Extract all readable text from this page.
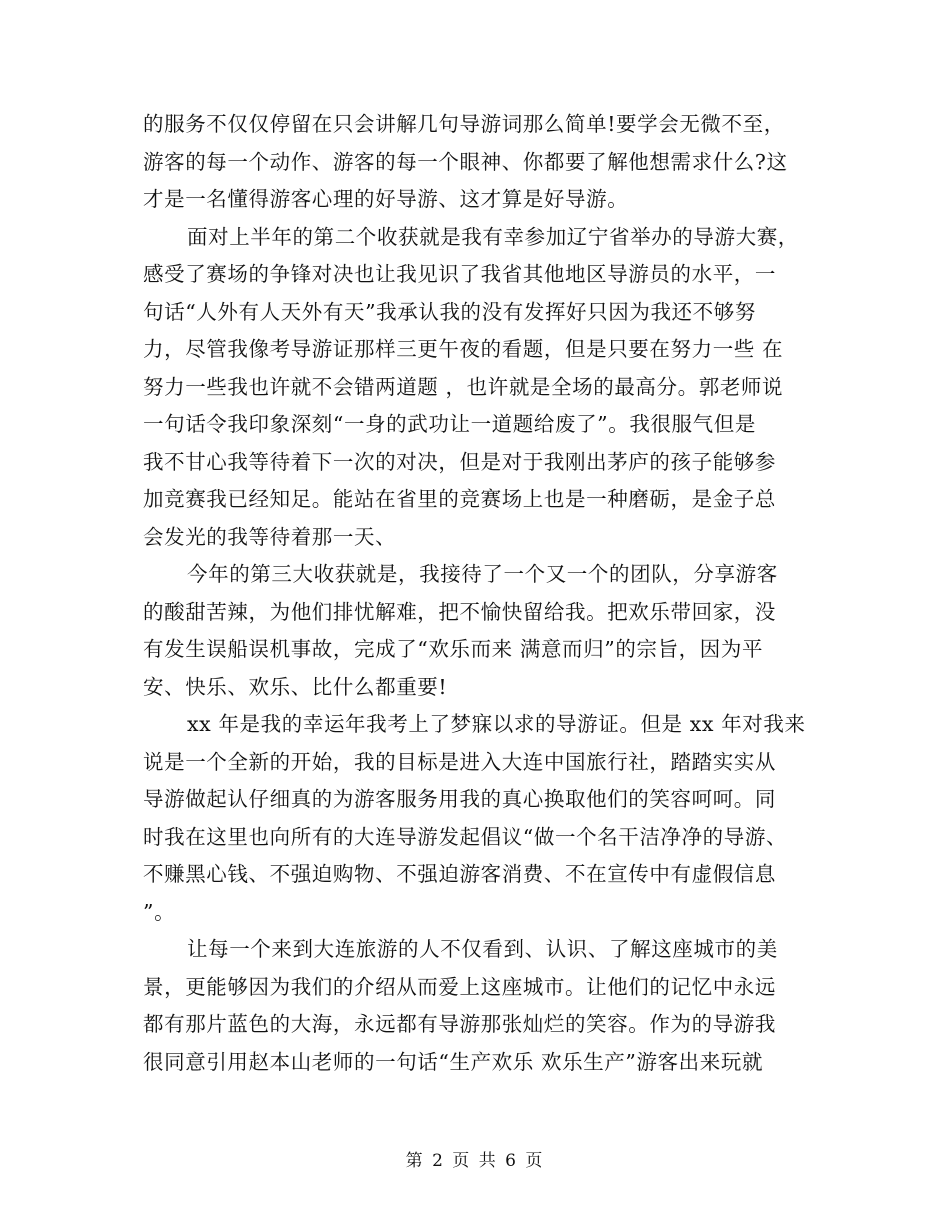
的服务不仅仅停留在只会讲解几句导游词那么简单!要学会无微不至，
游客的每一个动作、游客的每一个眼神、你都要了解他想需求什么?这
才是一名懂得游客心理的好导游、这才算是好导游。
面对上半年的第二个收获就是我有幸参加辽宁省举办的导游大赛，
感受了赛场的争锋对决也让我见识了我省其他地区导游员的水平，一
句话“人外有人天外有天”我承认我的没有发挥好只因为我还不够努
力，尽管我像考导游证那样三更午夜的看题，但是只要在努力一些 在
努力一些我也许就不会错两道题 ，也许就是全场的最高分。郭老师说
一句话令我印象深刻“一身的武功让一道题给废了”。我很服气但是
我不甘心我等待着下一次的对决，但是对于我刚出茅庐的孩子能够参
加竞赛我已经知足。能站在省里的竞赛场上也是一种磨砺，是金子总
会发光的我等待着那一天、
今年的第三大收获就是，我接待了一个又一个的团队，分享游客
的酸甜苦辣，为他们排忧解难，把不愉快留给我。把欢乐带回家，没
有发生误船误机事故，完成了“欢乐而来 满意而归”的宗旨，因为平
安、快乐、欢乐、比什么都重要!
xx 年是我的幸运年我考上了梦寐以求的导游证。但是 xx 年对我来
说是一个全新的开始，我的目标是进入大连中国旅行社，踏踏实实从
导游做起认仔细真的为游客服务用我的真心换取他们的笑容呵呵。同
时我在这里也向所有的大连导游发起倡议“做一个名干洁净净的导游、
不赚黑心钱、不强迫购物、不强迫游客消费、不在宣传中有虚假信息
”。
让每一个来到大连旅游的人不仅看到、认识、了解这座城市的美
景，更能够因为我们的介绍从而爱上这座城市。让他们的记忆中永远
都有那片蓝色的大海，永远都有导游那张灿烂的笑容。作为的导游我
很同意引用赵本山老师的一句话“生产欢乐 欢乐生产”游客出来玩就
第 2 页 共 6 页
